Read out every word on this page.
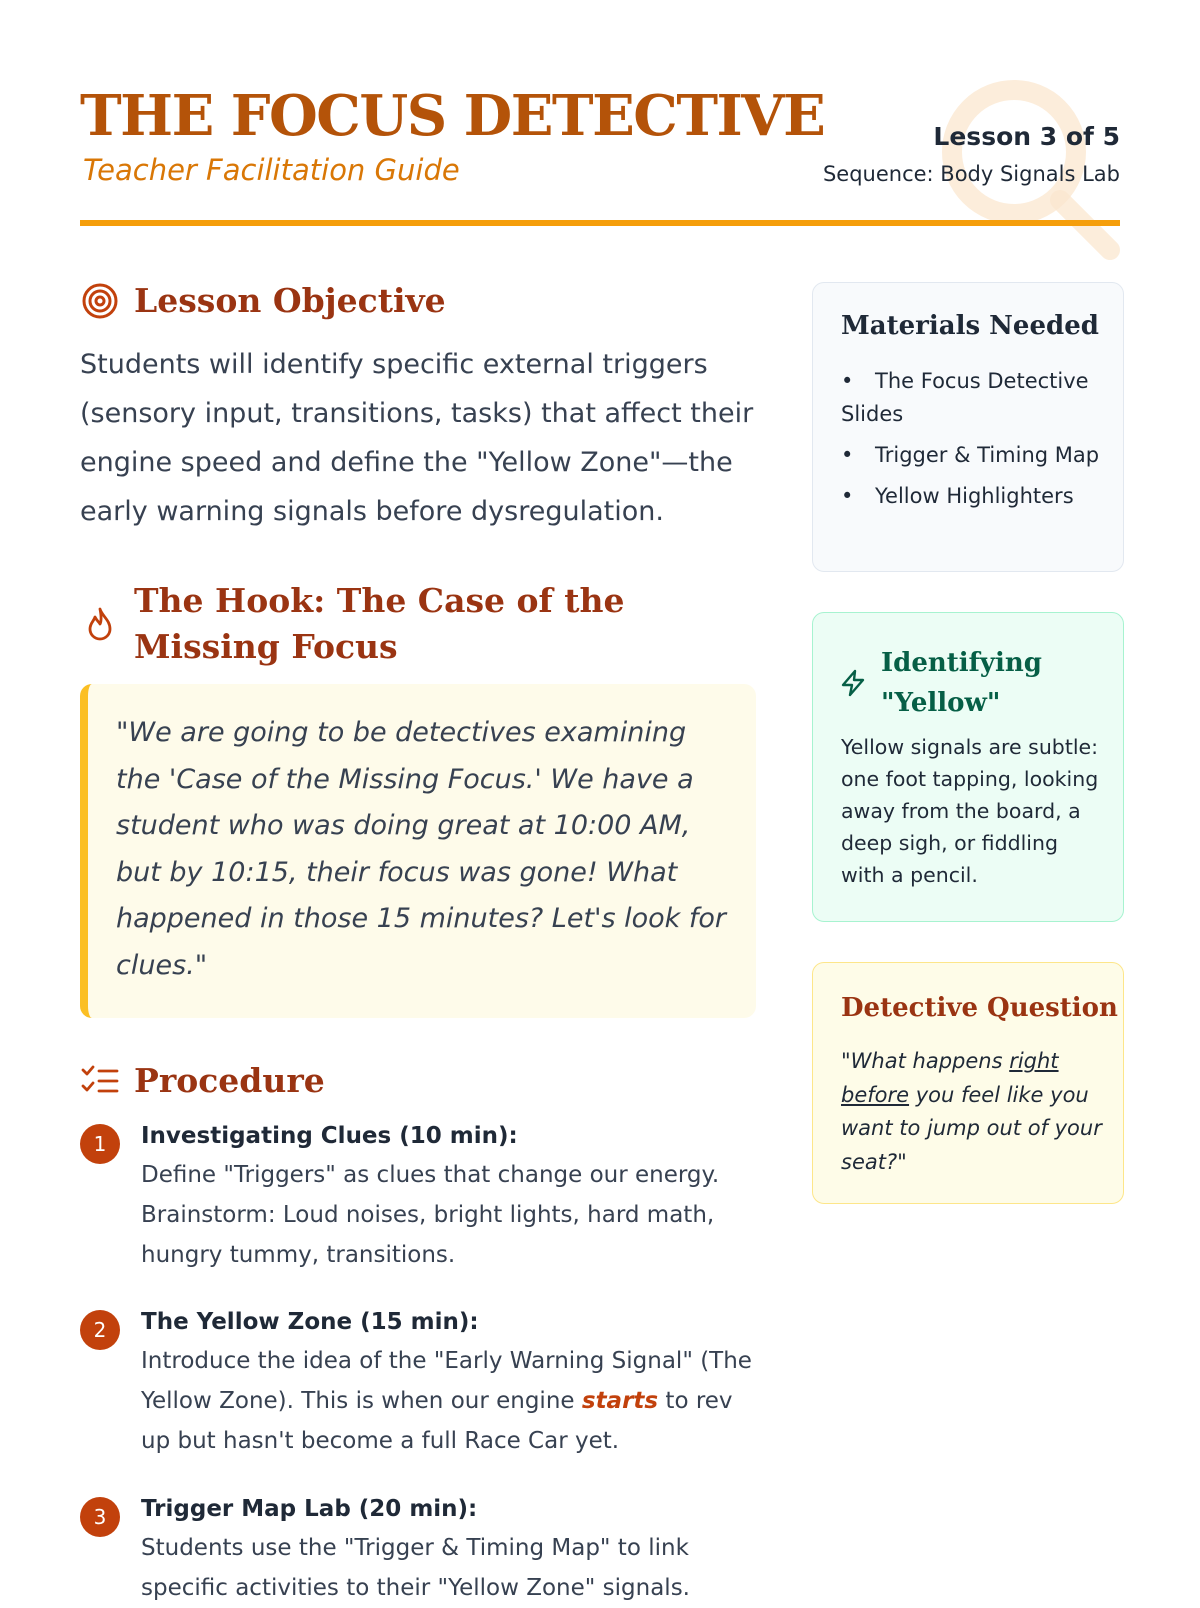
THE FOCUS DETECTIVE

Teacher Facilitation Guide

Lesson 3 of 5
Sequence: Body Signals Lab
Lesson Objective

Students will identify specific external triggers (sensory input, transitions, tasks) that affect their engine speed and define the "Yellow Zone"—the early warning signals before dysregulation.

The Hook: The Case of the Missing Focus

"We are going to be detectives examining the 'Case of the Missing Focus.' We have a student who was doing great at 10:00 AM, but by 10:15, their focus was gone! What happened in those 15 minutes? Let's look for clues."

Procedure
1	Investigating Clues (10 min):

Define "Triggers" as clues that change our energy. Brainstorm: Loud noises, bright lights, hard math, hungry tummy, transitions.

2	The Yellow Zone (15 min):

Introduce the idea of the "Early Warning Signal" (The Yellow Zone). This is when our engine starts to rev up but hasn't become a full Race Car yet.

3	Trigger Map Lab (20 min):

Students use the "Trigger & Timing Map" to link specific activities to their "Yellow Zone" signals.

Materials Needed
• The Focus Detective Slides
• Trigger & Timing Map
• Yellow Highlighters
Identifying "Yellow"

Yellow signals are subtle: one foot tapping, looking away from the board, a deep sigh, or fiddling with a pencil.

Detective Question

"What happens right before you feel like you want to jump out of your seat?"
